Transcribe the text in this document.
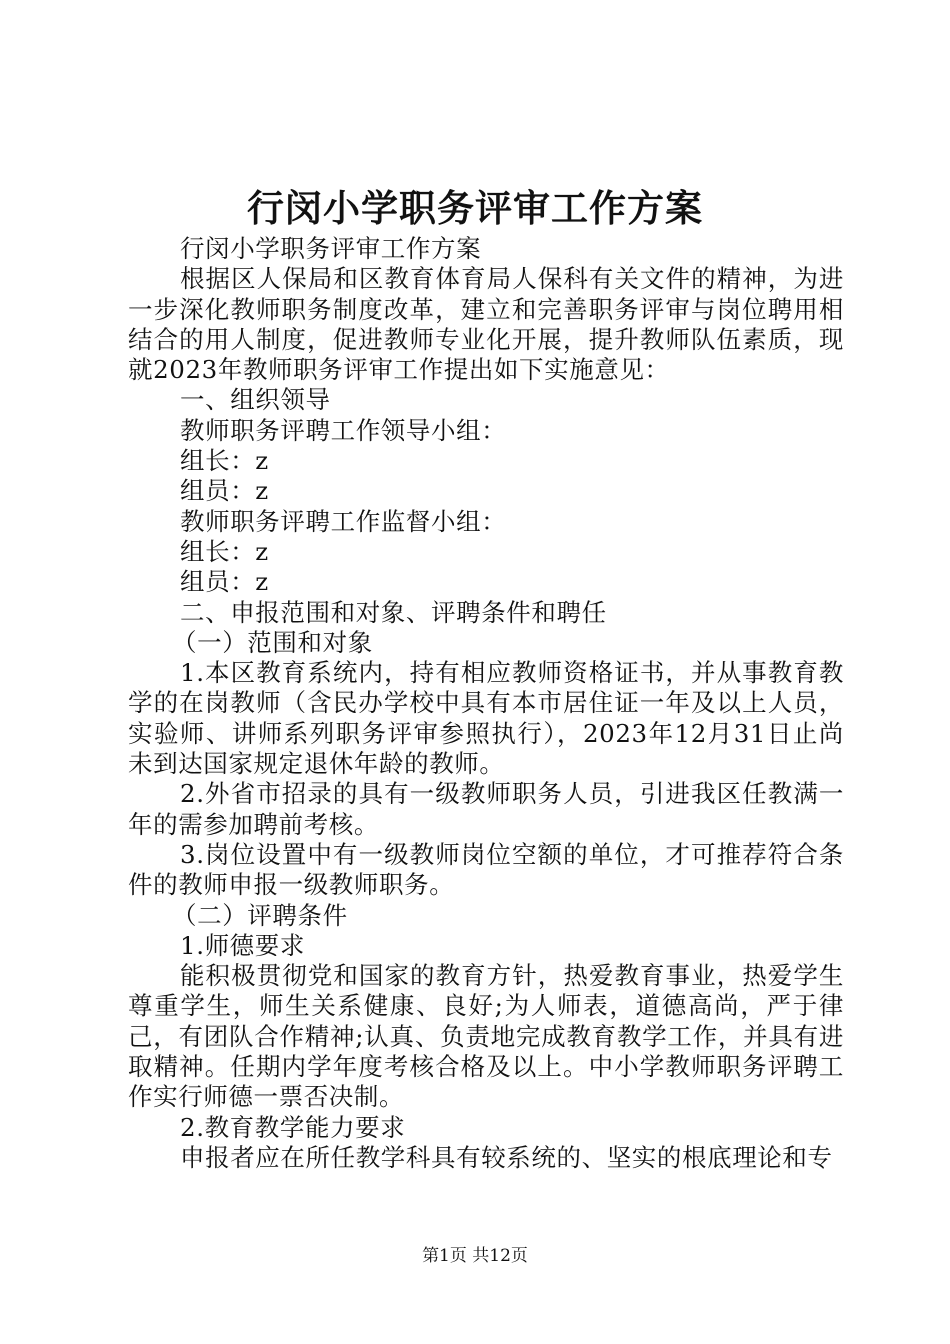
行闵小学职务评审工作方案

行闵小学职务评审工作方案

根据区人保局和区教育体育局人保科有关文件的精神，为进一步深化教师职务制度改革，建立和完善职务评审与岗位聘用相结合的用人制度，促进教师专业化开展，提升教师队伍素质，现就2023年教师职务评审工作提出如下实施意见：

一、组织领导

教师职务评聘工作领导小组：

组长：z

组员：z

教师职务评聘工作监督小组：

组长：z

组员：z

二、申报范围和对象、评聘条件和聘任

（一）范围和对象

1.本区教育系统内，持有相应教师资格证书，并从事教育教学的在岗教师（含民办学校中具有本市居住证一年及以上人员，实验师、讲师系列职务评审参照执行），2023年12月31日止尚未到达国家规定退休年龄的教师。

2.外省市招录的具有一级教师职务人员，引进我区任教满一年的需参加聘前考核。

3.岗位设置中有一级教师岗位空额的单位，才可推荐符合条件的教师申报一级教师职务。

（二）评聘条件

1.师德要求

能积极贯彻党和国家的教育方针，热爱教育事业，热爱学生尊重学生，师生关系健康、良好;为人师表，道德高尚，严于律己，有团队合作精神;认真、负责地完成教育教学工作，并具有进取精神。任期内学年度考核合格及以上。中小学教师职务评聘工作实行师德一票否决制。

2.教育教学能力要求

申报者应在所任教学科具有较系统的、坚实的根底理论和专

第1页 共12页
